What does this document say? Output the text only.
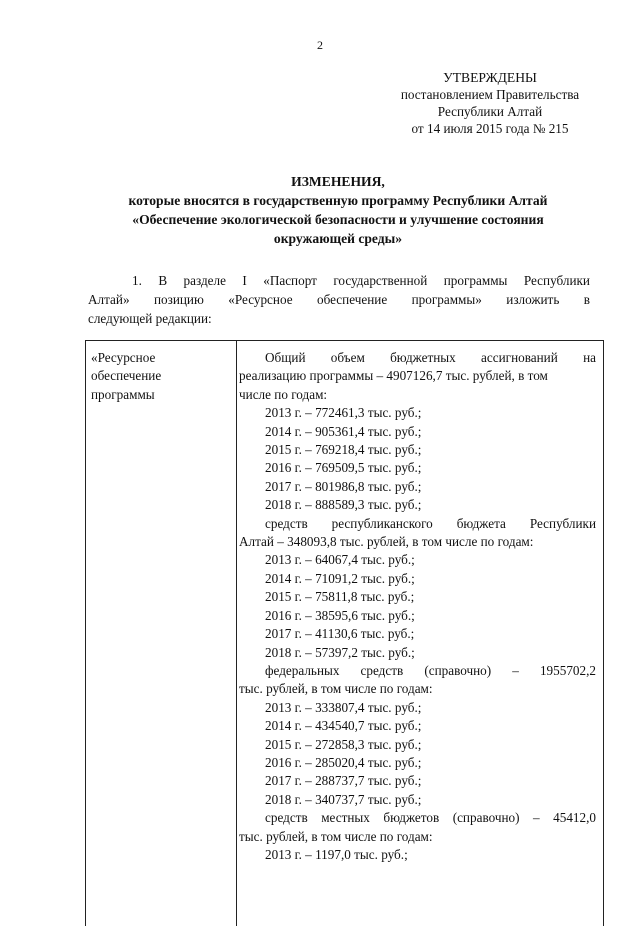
2
УТВЕРЖДЕНЫ
постановлением Правительства
Республики Алтай
от 14 июля 2015 года № 215
ИЗМЕНЕНИЯ,
которые вносятся в государственную программу Республики Алтай
«Обеспечение экологической безопасности и улучшение состояния
окружающей среды»
1. В разделе I «Паспорт государственной программы Республики
Алтай» позицию «Ресурсное обеспечение программы» изложить в
следующей редакции:
«Ресурсное
обеспечение
программы
Общий объем бюджетных ассигнований на
реализацию программы – 4907126,7 тыс. рублей, в том
числе по годам:
2013 г. – 772461,3 тыс. руб.;
2014 г. – 905361,4 тыс. руб.;
2015 г. – 769218,4 тыс. руб.;
2016 г. – 769509,5 тыс. руб.;
2017 г. – 801986,8 тыс. руб.;
2018 г. – 888589,3 тыс. руб.;
средств республиканского бюджета Республики
Алтай – 348093,8 тыс. рублей, в том числе по годам:
2013 г. – 64067,4 тыс. руб.;
2014 г. – 71091,2 тыс. руб.;
2015 г. – 75811,8 тыс. руб.;
2016 г. – 38595,6 тыс. руб.;
2017 г. – 41130,6 тыс. руб.;
2018 г. – 57397,2 тыс. руб.;
федеральных средств (справочно) – 1955702,2
тыс. рублей, в том числе по годам:
2013 г. – 333807,4 тыс. руб.;
2014 г. – 434540,7 тыс. руб.;
2015 г. – 272858,3 тыс. руб.;
2016 г. – 285020,4 тыс. руб.;
2017 г. – 288737,7 тыс. руб.;
2018 г. – 340737,7 тыс. руб.;
средств местных бюджетов (справочно) – 45412,0
тыс. рублей, в том числе по годам:
2013 г. – 1197,0 тыс. руб.;
